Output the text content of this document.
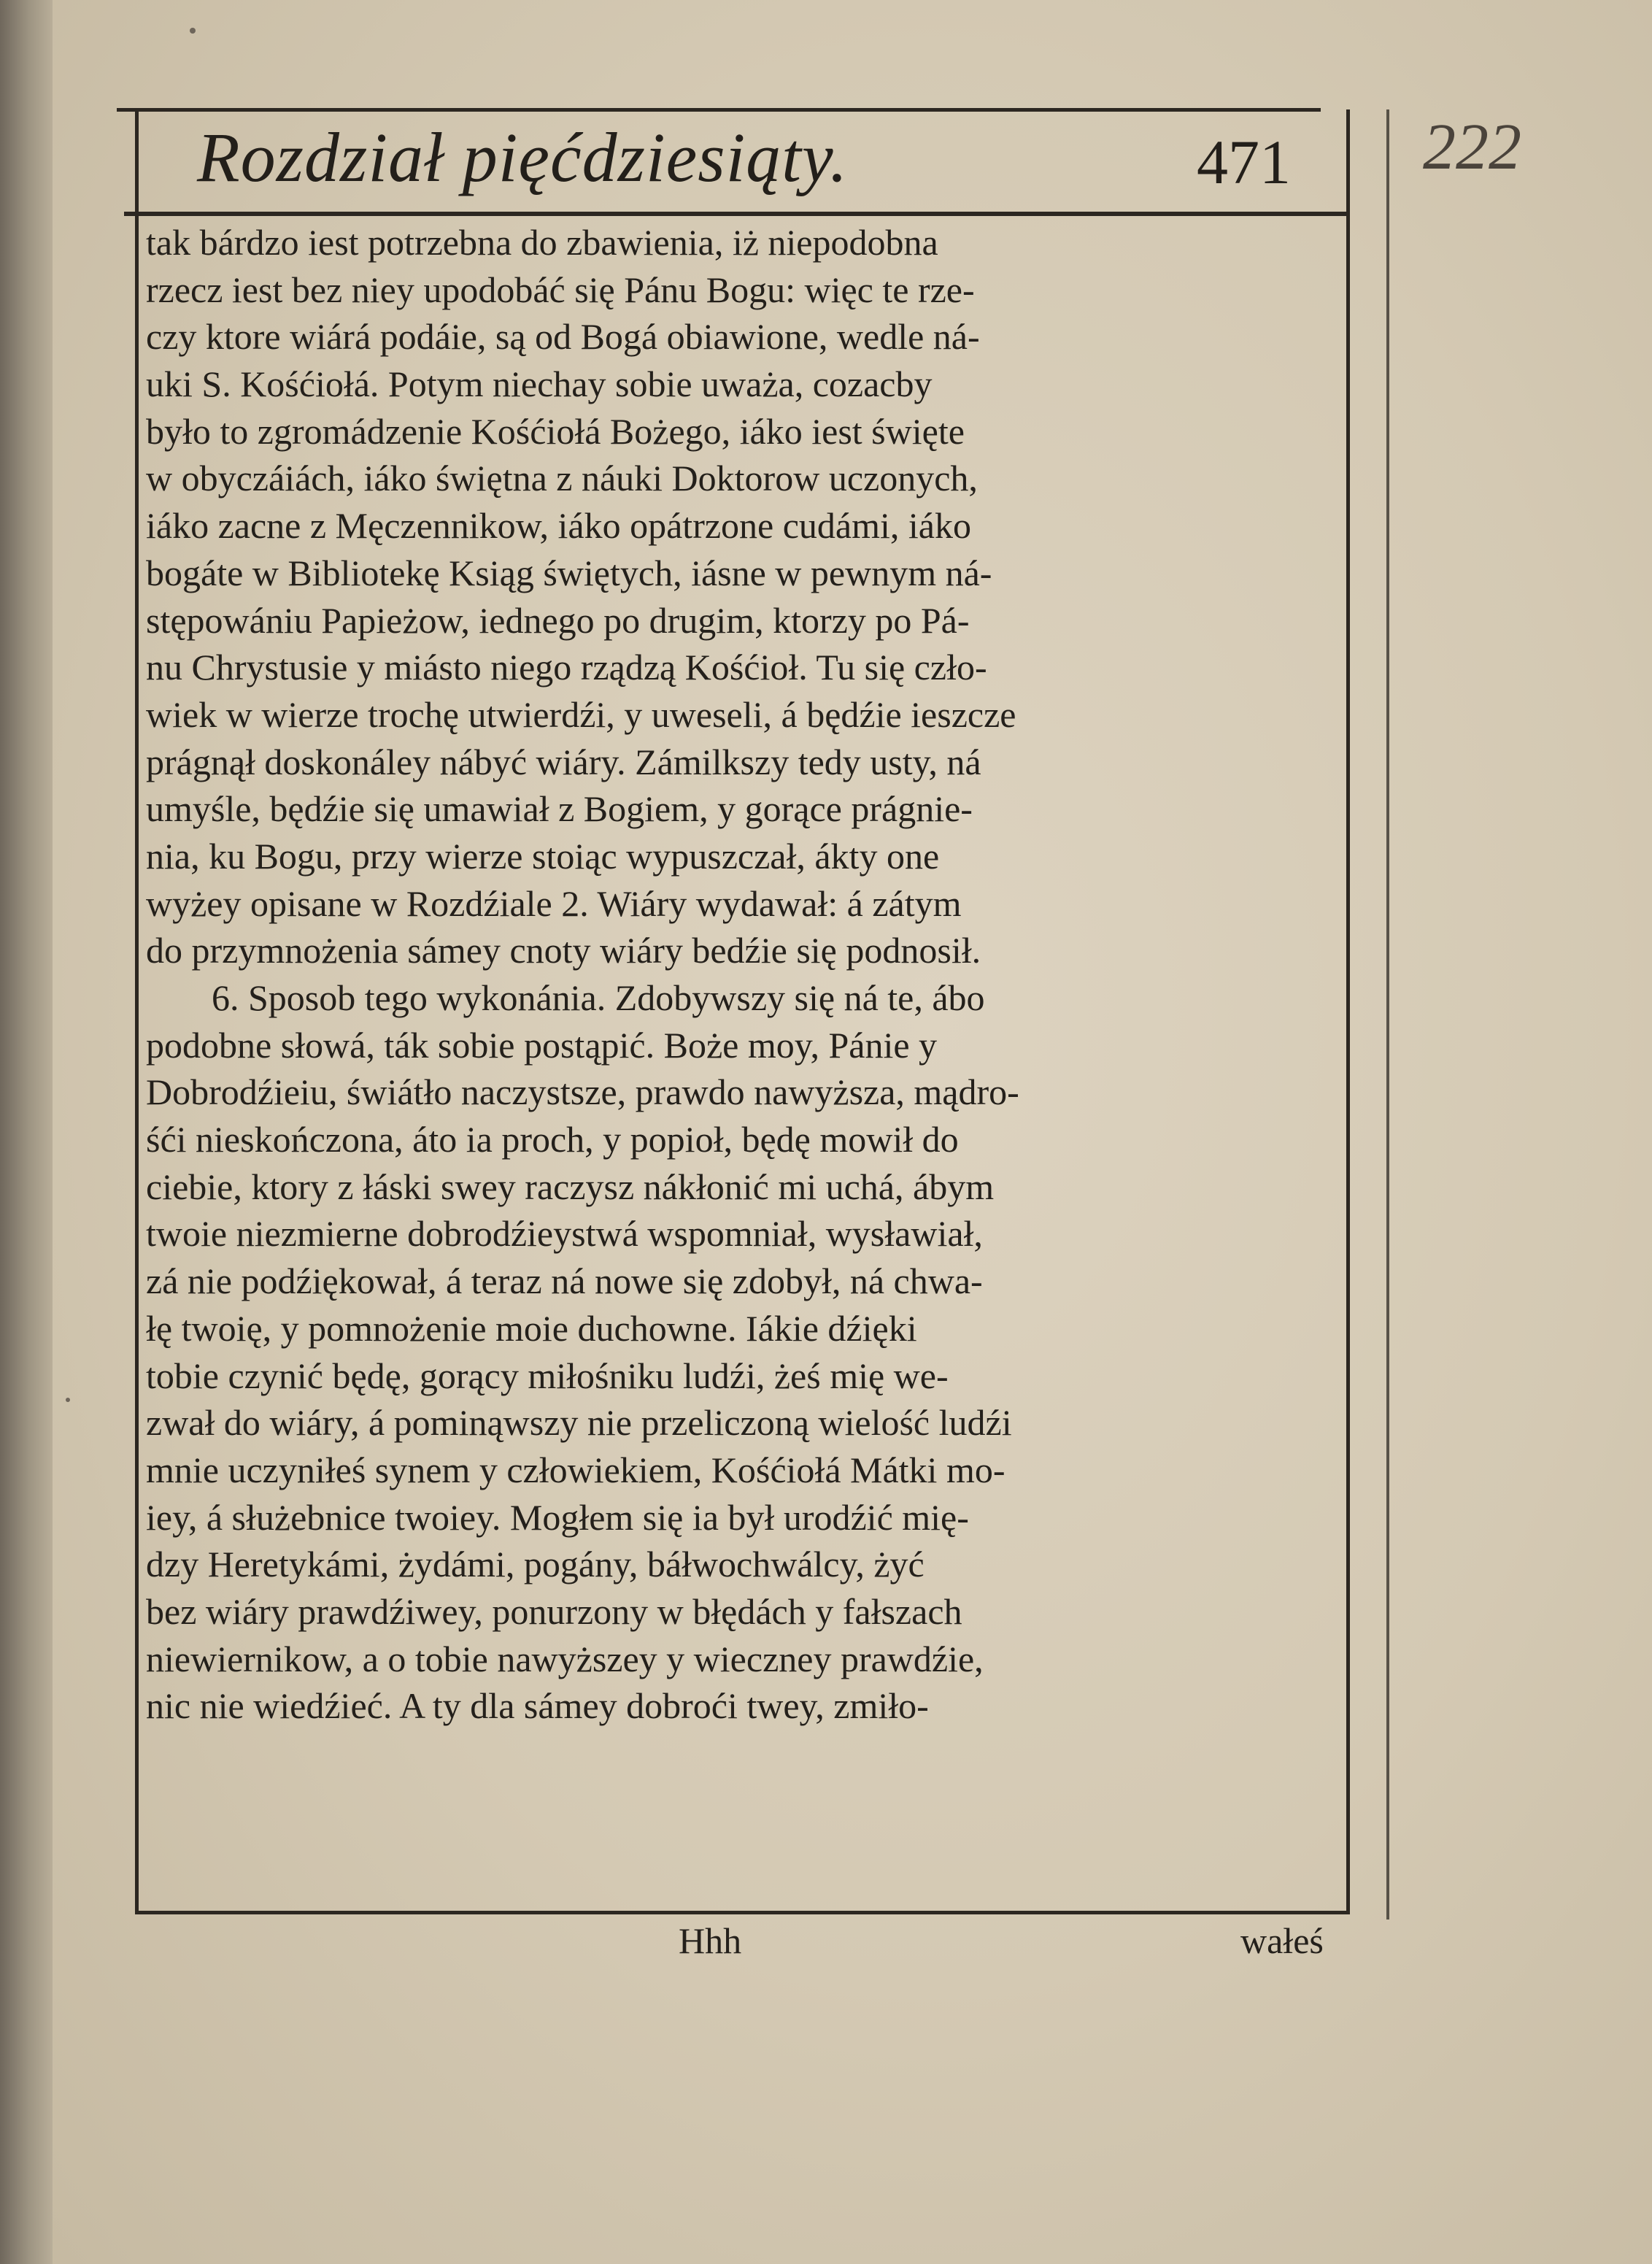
Rozdział pięćdziesiąty.	471
tak bárdzo iest potrzebna do zbawienia, iż niepodobna
rzecz iest bez niey upodobáć się Pánu Bogu: więc te rze-
czy ktore wiárá podáie, są od Bogá obiawione, wedle ná-
uki S. Kośćiołá. Potym niechay sobie uważa, cozacby
było to zgromádzenie Kośćiołá Bożego, iáko iest święte
w obyczáiách, iáko świętna z náuki Doktorow uczonych,
iáko zacne z Męczennikow, iáko opátrzone cudámi, iáko
bogáte w Bibliotekę Ksiąg świętych, iásne w pewnym ná-
stępowániu Papieżow, iednego po drugim, ktorzy po Pá-
nu Chrystusie y miásto niego rządzą Kośćioł. Tu się czło-
wiek w wierze trochę utwierdźi, y uweseli, á będźie ieszcze
prágnął doskonáley nábyć wiáry. Zámilkszy tedy usty, ná
umyśle, będźie się umawiał z Bogiem, y gorące prágnie-
nia, ku Bogu, przy wierze stoiąc wypuszczał, ákty one
wyżey opisane w Rozdźiale 2. Wiáry wydawał: á zátym
do przymnożenia sámey cnoty wiáry bedźie się podnosił.
6. Sposob tego wykonánia. Zdobywszy się ná te, ábo
podobne słowá, ták sobie postąpić. Boże moy, Pánie y
Dobrodźieiu, świátło naczystsze, prawdo nawyższa, mądro-
śći nieskończona, áto ia proch, y popioł, będę mowił do
ciebie, ktory z łáski swey raczysz nákłonić mi uchá, ábym
twoie niezmierne dobrodźieystwá wspomniał, wysławiał,
zá nie podźiękował, á teraz ná nowe się zdobył, ná chwa-
łę twoię, y pomnożenie moie duchowne. Iákie dźięki
tobie czynić będę, gorący miłośniku ludźi, żeś mię we-
zwał do wiáry, á pominąwszy nie przeliczoną wielość ludźi
mnie uczyniłeś synem y człowiekiem, Kośćiołá Mátki mo-
iey, á służebnice twoiey. Mogłem się ia był urodźić mię-
dzy Heretykámi, żydámi, pogány, báłwochwálcy, żyć
bez wiáry prawdźiwey, ponurzony w błędách y fałszach
niewiernikow, a o tobie nawyższey y wieczney prawdźie,
nic nie wiedźieć. A ty dla sámey dobroći twey, zmiło-
Hhh	wałeś
222
